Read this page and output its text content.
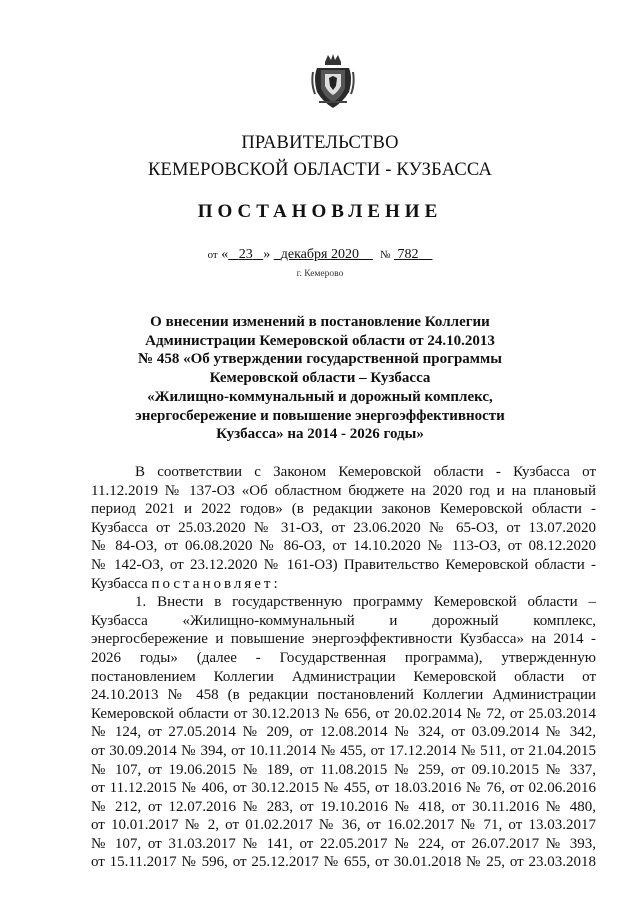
ПРАВИТЕЛЬСТВО
КЕМЕРОВСКОЙ ОБЛАСТИ - КУЗБАССА
ПОСТАНОВЛЕНИЕ
от « 23 » декабря 2020 № 782
г. Кемерово
О внесении изменений в постановление Коллегии
Администрации Кемеровской области от 24.10.2013
№ 458 «Об утверждении государственной программы
Кемеровской области – Кузбасса
«Жилищно-коммунальный и дорожный комплекс,
энергосбережение и повышение энергоэффективности
Кузбасса» на 2014 - 2026 годы»
В соответствии с Законом Кемеровской области - Кузбасса от
11.12.2019 № 137-ОЗ «Об областном бюджете на 2020 год и на плановый
период 2021 и 2022 годов» (в редакции законов Кемеровской области -
Кузбасса от 25.03.2020 № 31-ОЗ, от 23.06.2020 № 65-ОЗ, от 13.07.2020
№ 84-ОЗ, от 06.08.2020 № 86-ОЗ, от 14.10.2020 № 113-ОЗ, от 08.12.2020
№ 142-ОЗ, от 23.12.2020 № 161-ОЗ) Правительство Кемеровской области -
Кузбасса постановляет:
1. Внести в государственную программу Кемеровской области –
Кузбасса «Жилищно-коммунальный и дорожный комплекс,
энергосбережение и повышение энергоэффективности Кузбасса» на 2014 -
2026 годы» (далее - Государственная программа), утвержденную
постановлением Коллегии Администрации Кемеровской области от
24.10.2013 № 458 (в редакции постановлений Коллегии Администрации
Кемеровской области от 30.12.2013 № 656, от 20.02.2014 № 72, от 25.03.2014
№ 124, от 27.05.2014 № 209, от 12.08.2014 № 324, от 03.09.2014 № 342,
от 30.09.2014 № 394, от 10.11.2014 № 455, от 17.12.2014 № 511, от 21.04.2015
№ 107, от 19.06.2015 № 189, от 11.08.2015 № 259, от 09.10.2015 № 337,
от 11.12.2015 № 406, от 30.12.2015 № 455, от 18.03.2016 № 76, от 02.06.2016
№ 212, от 12.07.2016 № 283, от 19.10.2016 № 418, от 30.11.2016 № 480,
от 10.01.2017 № 2, от 01.02.2017 № 36, от 16.02.2017 № 71, от 13.03.2017
№ 107, от 31.03.2017 № 141, от 22.05.2017 № 224, от 26.07.2017 № 393,
от 15.11.2017 № 596, от 25.12.2017 № 655, от 30.01.2018 № 25, от 23.03.2018
